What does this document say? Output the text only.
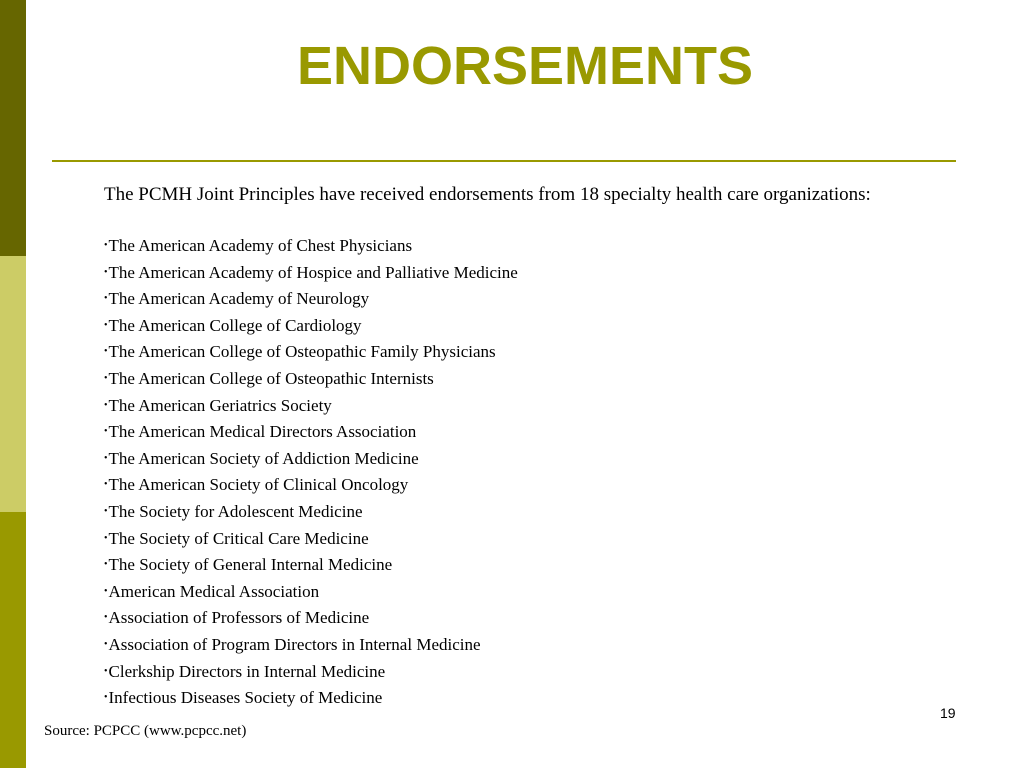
ENDORSEMENTS
The PCMH Joint Principles have received endorsements from 18 specialty health care organizations:
•The American Academy of Chest Physicians
•The American Academy of Hospice and Palliative Medicine
•The American Academy of Neurology
•The American College of Cardiology
•The American College of Osteopathic Family Physicians
•The American College of Osteopathic Internists
•The American Geriatrics Society
•The American Medical Directors Association
•The American Society of Addiction Medicine
•The American Society of Clinical Oncology
•The Society for Adolescent Medicine
•The Society of Critical Care Medicine
•The Society of General Internal Medicine
•American Medical Association
•Association of Professors of Medicine
•Association of Program Directors in Internal Medicine
•Clerkship Directors in Internal Medicine
•Infectious Diseases Society of Medicine
19
Source: PCPCC (www.pcpcc.net)
